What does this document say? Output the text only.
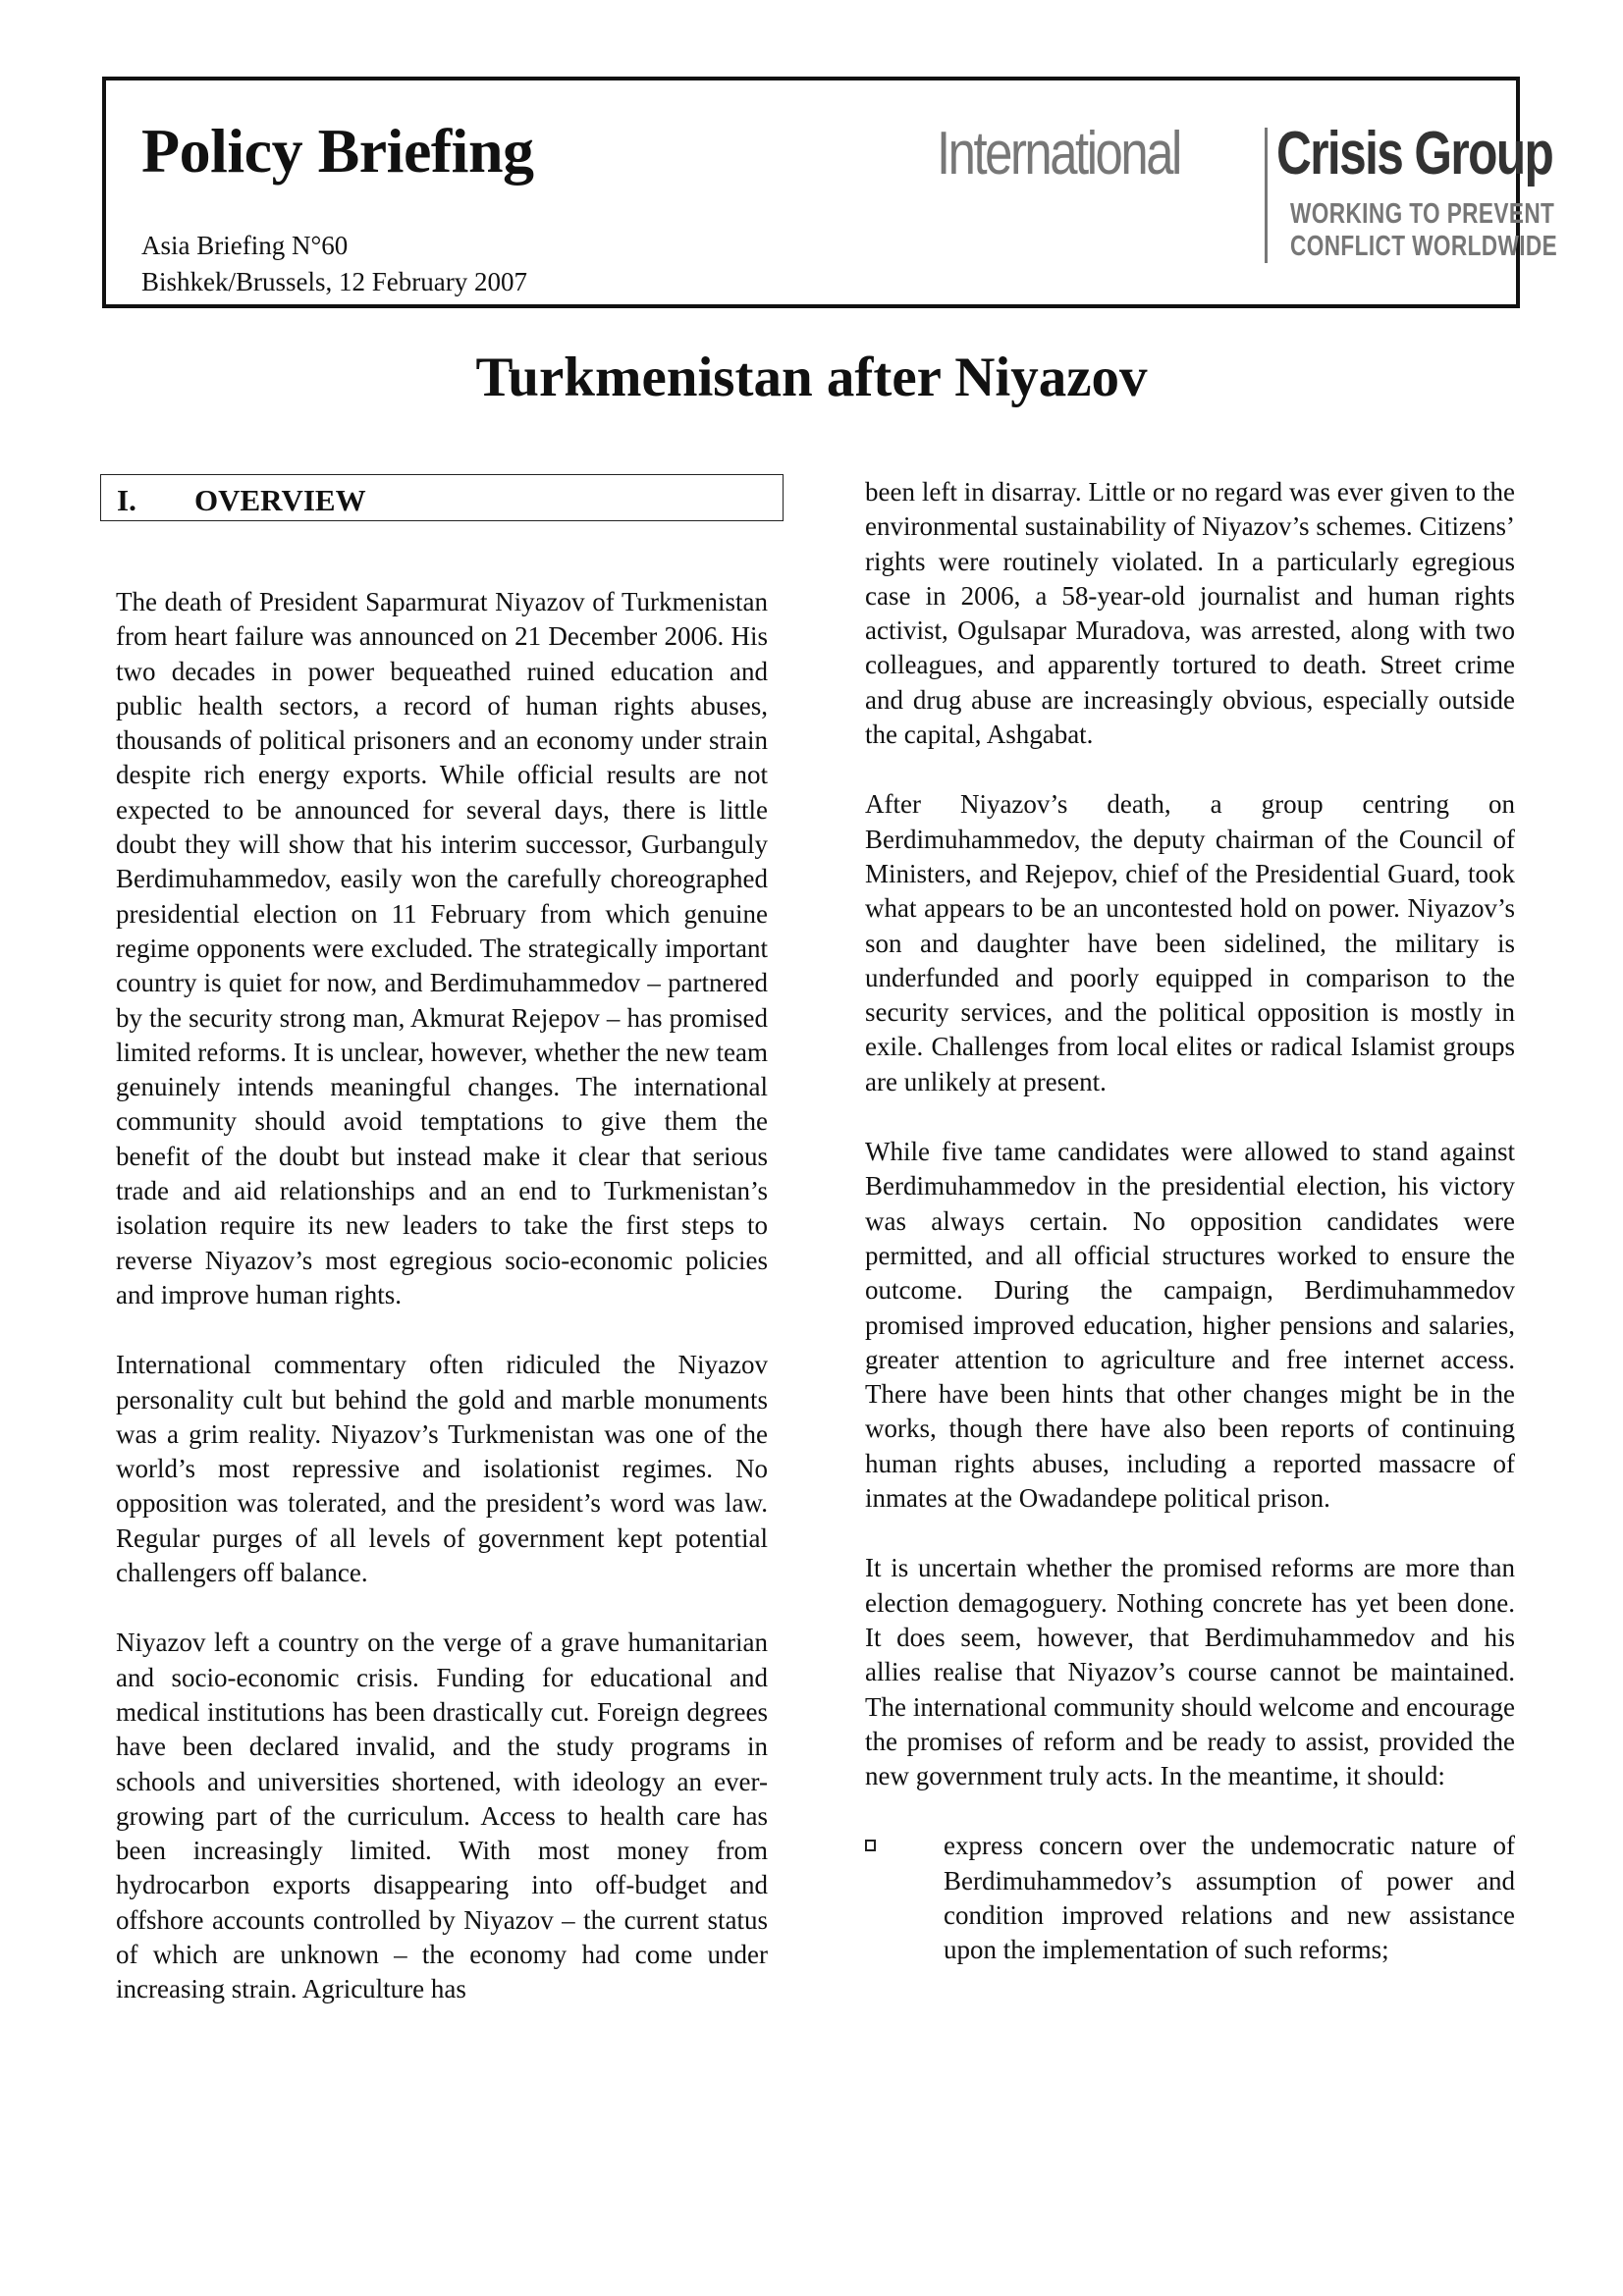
Policy Briefing
Asia Briefing N°60
Bishkek/Brussels, 12 February 2007
International Crisis Group
WORKING TO PREVENT
CONFLICT WORLDWIDE
Turkmenistan after Niyazov
I. OVERVIEW

The death of President Saparmurat Niyazov of Turkmenistan from heart failure was announced on 21 December 2006. His two decades in power bequeathed ruined education and public health sectors, a record of human rights abuses, thousands of political prisoners and an economy under strain despite rich energy exports. While official results are not expected to be announced for several days, there is little doubt they will show that his interim successor, Gurbanguly Berdimuhammedov, easily won the carefully choreographed presidential election on 11 February from which genuine regime opponents were excluded. The strategically important country is quiet for now, and Berdimuhammedov – partnered by the security strong man, Akmurat Rejepov – has promised limited reforms. It is unclear, however, whether the new team genuinely intends meaningful changes. The international community should avoid temptations to give them the benefit of the doubt but instead make it clear that serious trade and aid relationships and an end to Turkmenistan’s isolation require its new leaders to take the first steps to reverse Niyazov’s most egregious socio-economic policies and improve human rights.

International commentary often ridiculed the Niyazov personality cult but behind the gold and marble monuments was a grim reality. Niyazov’s Turkmenistan was one of the world’s most repressive and isolationist regimes. No opposition was tolerated, and the president’s word was law. Regular purges of all levels of government kept potential challengers off balance.

Niyazov left a country on the verge of a grave humanitarian and socio-economic crisis. Funding for educational and medical institutions has been drastically cut. Foreign degrees have been declared invalid, and the study programs in schools and universities shortened, with ideology an ever-growing part of the curriculum. Access to health care has been increasingly limited. With most money from hydrocarbon exports disappearing into off-budget and offshore accounts controlled by Niyazov – the current status of which are unknown – the economy had come under increasing strain. Agriculture has

been left in disarray. Little or no regard was ever given to the environmental sustainability of Niyazov’s schemes. Citizens’ rights were routinely violated. In a particularly egregious case in 2006, a 58-year-old journalist and human rights activist, Ogulsapar Muradova, was arrested, along with two colleagues, and apparently tortured to death. Street crime and drug abuse are increasingly obvious, especially outside the capital, Ashgabat.

After Niyazov’s death, a group centring on Berdimuhammedov, the deputy chairman of the Council of Ministers, and Rejepov, chief of the Presidential Guard, took what appears to be an uncontested hold on power. Niyazov’s son and daughter have been sidelined, the military is underfunded and poorly equipped in comparison to the security services, and the political opposition is mostly in exile. Challenges from local elites or radical Islamist groups are unlikely at present.

While five tame candidates were allowed to stand against Berdimuhammedov in the presidential election, his victory was always certain. No opposition candidates were permitted, and all official structures worked to ensure the outcome. During the campaign, Berdimuhammedov promised improved education, higher pensions and salaries, greater attention to agriculture and free internet access. There have been hints that other changes might be in the works, though there have also been reports of continuing human rights abuses, including a reported massacre of inmates at the Owadandepe political prison.

It is uncertain whether the promised reforms are more than election demagoguery. Nothing concrete has yet been done. It does seem, however, that Berdimuhammedov and his allies realise that Niyazov’s course cannot be maintained. The international community should welcome and encourage the promises of reform and be ready to assist, provided the new government truly acts. In the meantime, it should:

express concern over the undemocratic nature of Berdimuhammedov’s assumption of power and condition improved relations and new assistance upon the implementation of such reforms;
